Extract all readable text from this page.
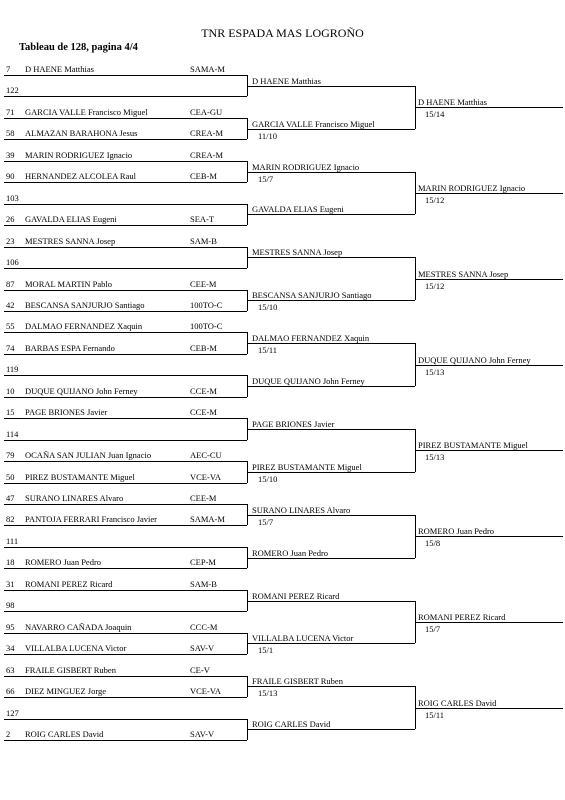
TNR ESPADA MAS LOGROÑO
Tableau de 128, pagina 4/4
7 D HAENE Matthias	SAMA-M
122
71 GARCIA VALLE Francisco Miguel	CEA-GU
58 ALMAZAN BARAHONA Jesus	CREA-M
39 MARIN RODRIGUEZ Ignacio	CREA-M
90 HERNANDEZ ALCOLEA Raul	CEB-M
103
26 GAVALDA ELIAS Eugeni	SEA-T
23 MESTRES SANNA Josep	SAM-B
106
87 MORAL MARTIN Pablo	CEE-M
42 BESCANSA SANJURJO Santiago	100TO-C
55 DALMAO FERNANDEZ Xaquin	100TO-C
74 BARBAS ESPA Fernando	CEB-M
119
10 DUQUE QUIJANO John Ferney	CCE-M
15 PAGE BRIONES Javier	CCE-M
114
79 OCAÑA SAN JULIAN Juan Ignacio	AEC-CU
50 PIREZ BUSTAMANTE Miguel	VCE-VA
47 SURANO LINARES Alvaro	CEE-M
82 PANTOJA FERRARI Francisco Javier	SAMA-M
111
18 ROMERO Juan Pedro	CEP-M
31 ROMANI PEREZ Ricard	SAM-B
98
95 NAVARRO CAÑADA Joaquin	CCC-M
34 VILLALBA LUCENA Victor	SAV-V
63 FRAILE GISBERT Ruben	CE-V
66 DIEZ MINGUEZ Jorge	VCE-VA
127
2 ROIG CARLES David	SAV-V
D HAENE Matthias
GARCIA VALLE Francisco Miguel
11/10
MARIN RODRIGUEZ Ignacio
15/7
GAVALDA ELIAS Eugeni
MESTRES SANNA Josep
BESCANSA SANJURJO Santiago
15/10
DALMAO FERNANDEZ Xaquin
15/11
DUQUE QUIJANO John Ferney
PAGE BRIONES Javier
PIREZ BUSTAMANTE Miguel
15/10
SURANO LINARES Alvaro
15/7
ROMERO Juan Pedro
ROMANI PEREZ Ricard
VILLALBA LUCENA Victor
15/1
FRAILE GISBERT Ruben
15/13
ROIG CARLES David
D HAENE Matthias
15/14
MARIN RODRIGUEZ Ignacio
15/12
MESTRES SANNA Josep
15/12
DUQUE QUIJANO John Ferney
15/13
PIREZ BUSTAMANTE Miguel
15/13
ROMERO Juan Pedro
15/8
ROMANI PEREZ Ricard
15/7
ROIG CARLES David
15/11
